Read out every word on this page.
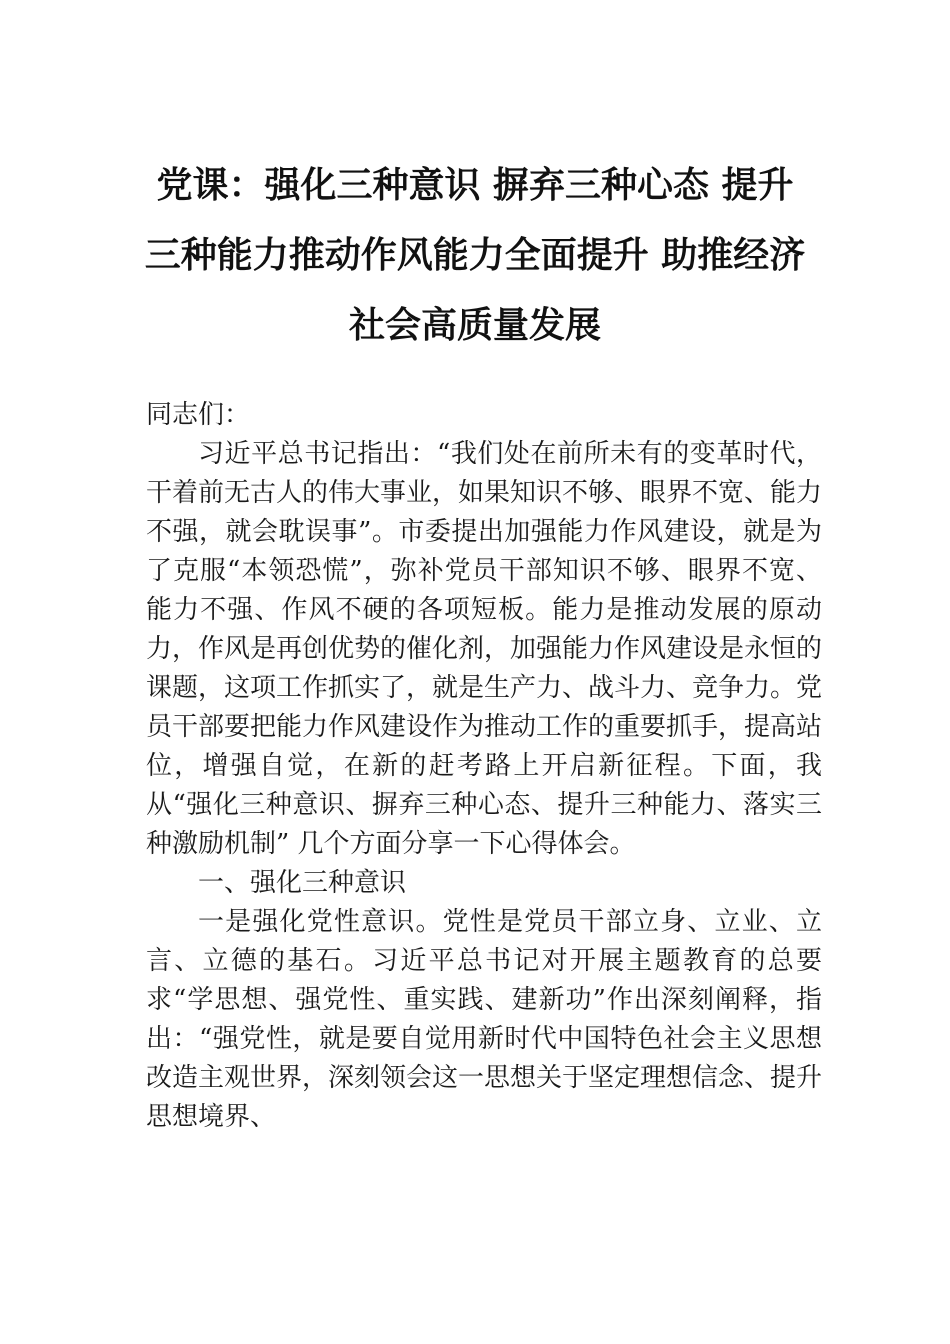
党课：强化三种意识 摒弃三种心态 提升
三种能力推动作风能力全面提升 助推经济
社会高质量发展

同志们：

习近平总书记指出：“我们处在前所未有的变革时代，干着前无古人的伟大事业，如果知识不够、眼界不宽、能力不强，就会耽误事”。市委提出加强能力作风建设，就是为了克服“本领恐慌”，弥补党员干部知识不够、眼界不宽、能力不强、作风不硬的各项短板。能力是推动发展的原动力，作风是再创优势的催化剂，加强能力作风建设是永恒的课题，这项工作抓实了，就是生产力、战斗力、竞争力。党员干部要把能力作风建设作为推动工作的重要抓手，提高站位，增强自觉，在新的赶考路上开启新征程。下面，我从“强化三种意识、摒弃三种心态、提升三种能力、落实三种激励机制” 几个方面分享一下心得体会。

一、强化三种意识

一是强化党性意识。党性是党员干部立身、立业、立言、立德的基石。习近平总书记对开展主题教育的总要求“学思想、强党性、重实践、建新功”作出深刻阐释，指出：“强党性，就是要自觉用新时代中国特色社会主义思想改造主观世界，深刻领会这一思想关于坚定理想信念、提升思想境界、
